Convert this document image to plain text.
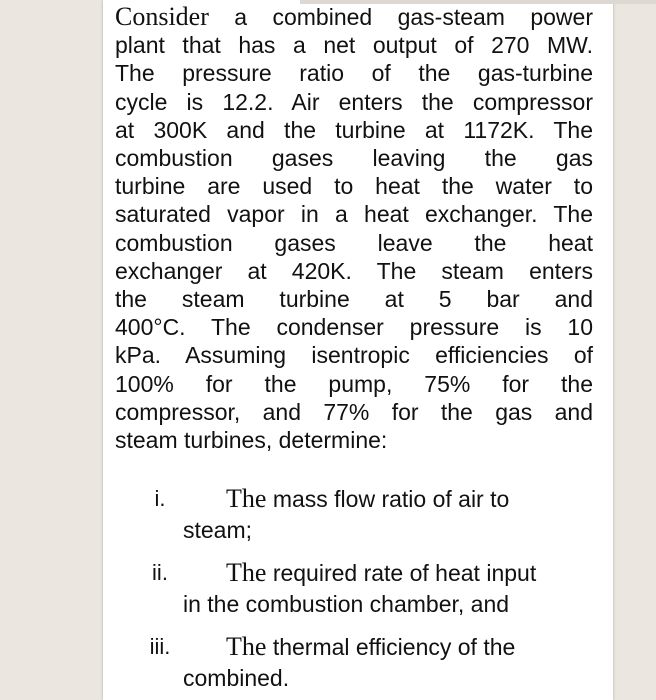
Consider a combined gas-steam power
plant that has a net output of 270 MW.
The pressure ratio of the gas-turbine
cycle is 12.2. Air enters the compressor
at 300K and the turbine at 1172K. The
combustion gases leaving the gas
turbine are used to heat the water to
saturated vapor in a heat exchanger. The
combustion gases leave the heat
exchanger at 420K. The steam enters
the steam turbine at 5 bar and
400°C. The condenser pressure is 10
kPa. Assuming isentropic efficiencies of
100% for the pump, 75% for the
compressor, and 77% for the gas and
steam turbines, determine:
i.	The mass flow ratio of air to
steam;
ii.	The required rate of heat input
in the combustion chamber, and
iii.	The thermal efficiency of the
combined.
